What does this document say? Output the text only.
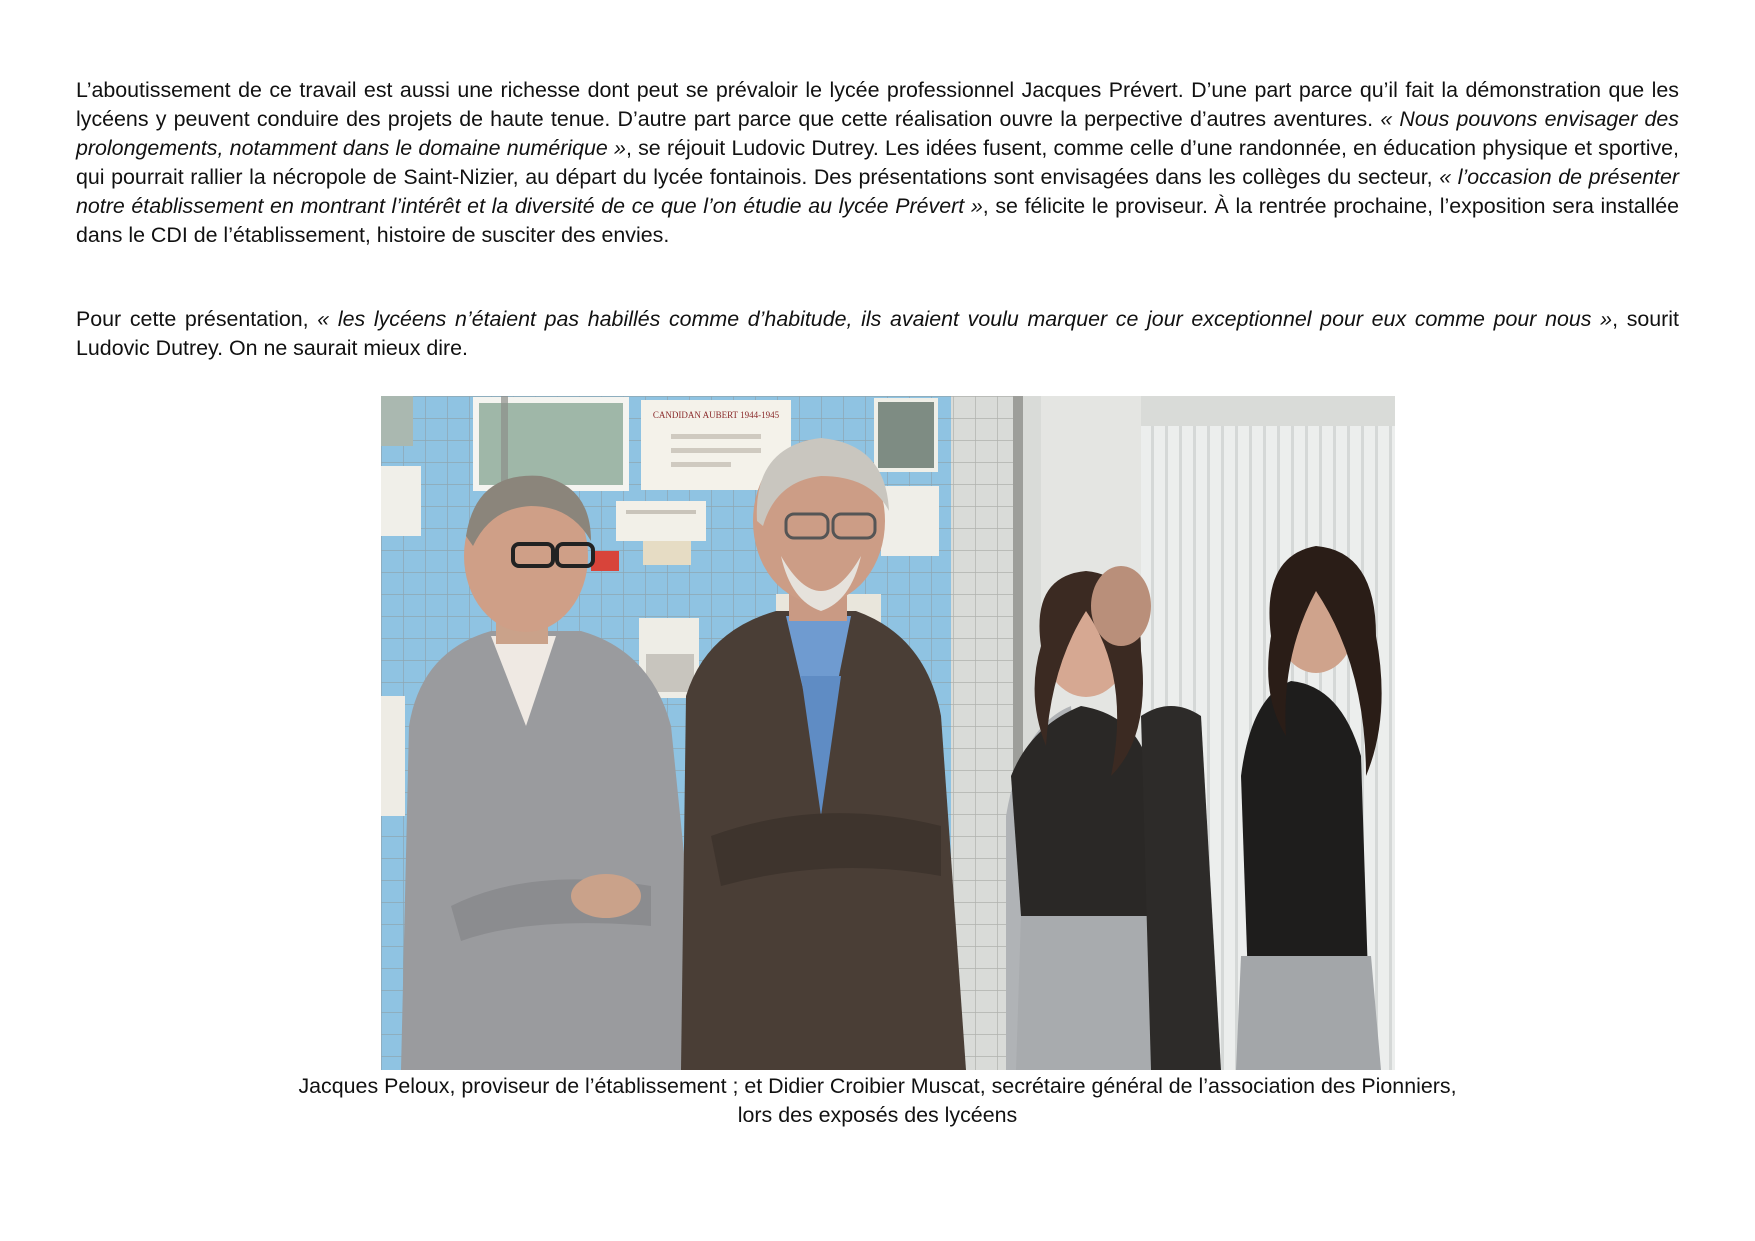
L’aboutissement de ce travail est aussi une richesse dont peut se prévaloir le lycée professionnel Jacques Prévert. D’une part parce qu’il fait la démonstration que les lycéens y peuvent conduire des projets de haute tenue. D’autre part parce que cette réalisation ouvre la perpective d’autres aventures. « Nous pouvons envisager des prolongements, notamment dans le domaine numérique », se réjouit Ludovic Dutrey. Les idées fusent, comme celle d’une randonnée, en éducation physique et sportive, qui pourrait rallier la nécropole de Saint-Nizier, au départ du lycée fontainois. Des présentations sont envisagées dans les collèges du secteur, « l’occasion de présenter notre établissement en montrant l’intérêt et la diversité de ce que l’on étudie au lycée Prévert », se félicite le proviseur. À la rentrée prochaine, l’exposition sera installée dans le CDI de l’établissement, histoire de susciter des envies.

Pour cette présentation, « les lycéens n’étaient pas habillés comme d’habitude, ils avaient voulu marquer ce jour exceptionnel pour eux comme pour nous », sourit Ludovic Dutrey. On ne saurait mieux dire.

CANDIDAN AUBERT 1944-1945

Jacques Peloux, proviseur de l’établissement ; et Didier Croibier Muscat, secrétaire général de l’association des Pionniers,
lors des exposés des lycéens
